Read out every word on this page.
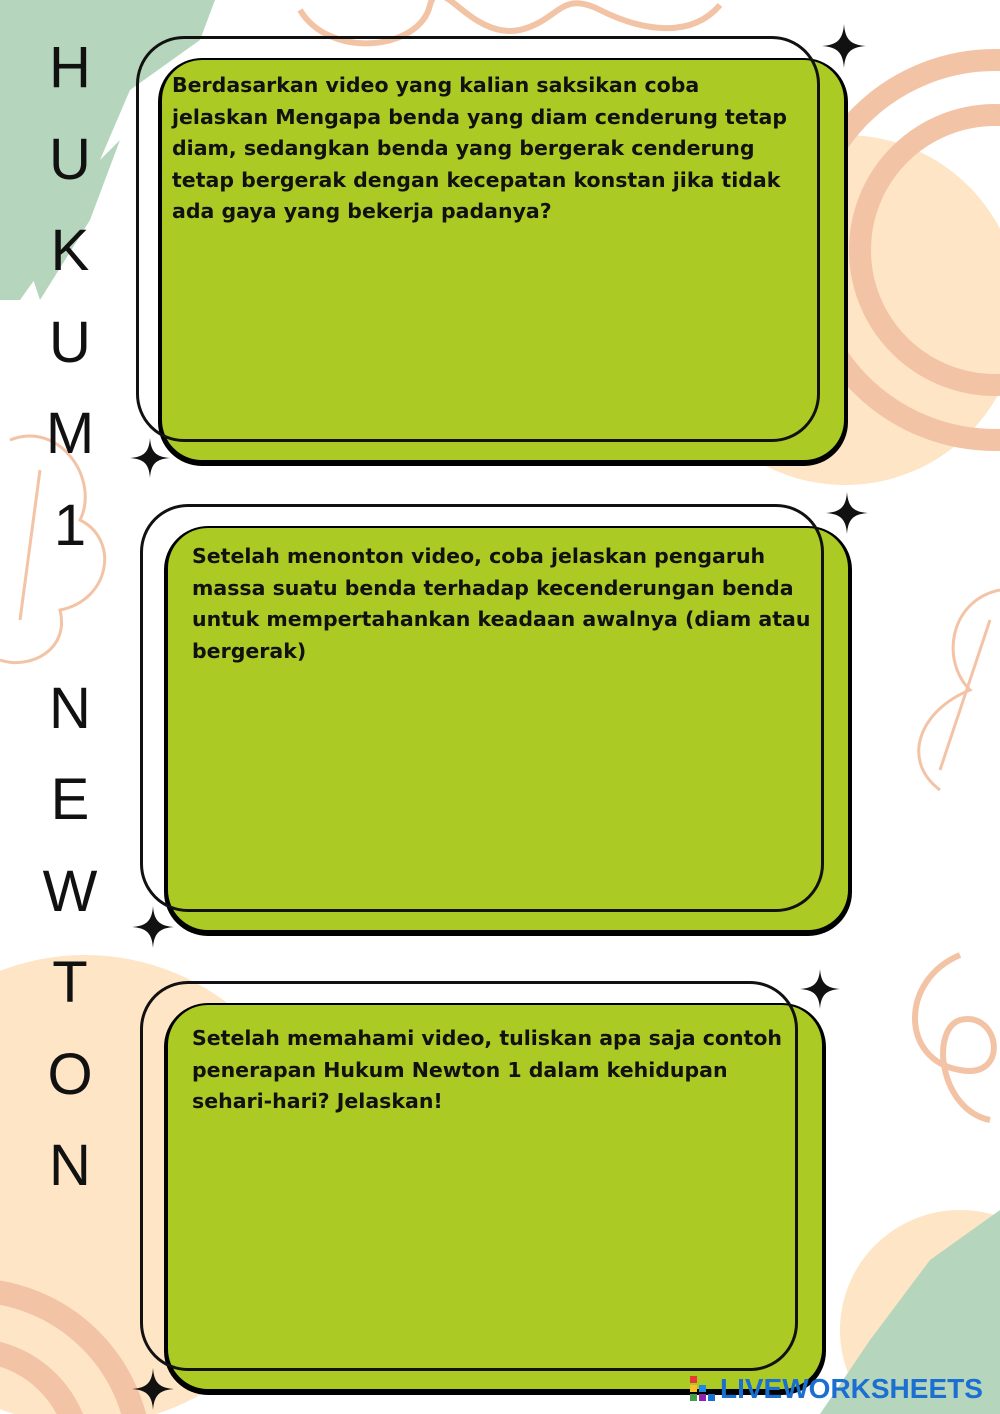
H
U
K
U
M
1
N
E
W
T
O
N

Berdasarkan video yang kalian saksikan coba jelaskan Mengapa benda yang diam cenderung tetap diam, sedangkan benda yang bergerak cenderung tetap bergerak dengan kecepatan konstan jika tidak ada gaya yang bekerja padanya?

Setelah menonton video, coba jelaskan pengaruh massa suatu benda terhadap kecenderungan benda untuk mempertahankan keadaan awalnya (diam atau bergerak)

Setelah memahami video, tuliskan apa saja contoh penerapan Hukum Newton 1 dalam kehidupan sehari-hari? Jelaskan!

LIVEWORKSHEETS
